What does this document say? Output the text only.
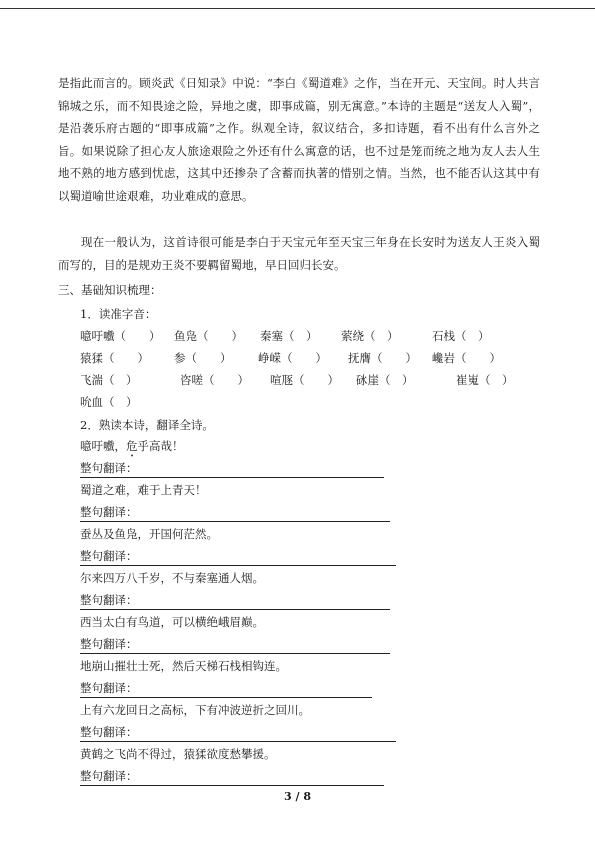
是指此而言的。顾炎武《日知录》中说：“李白《蜀道难》之作，当在开元、天宝间。时人共言锦城之乐，而不知畏途之险，异地之虞，即事成篇，别无寓意。”本诗的主题是“送友人入蜀”，是沿袭乐府古题的“即事成篇”之作。纵观全诗，叙议结合，多扣诗题，看不出有什么言外之旨。如果说除了担心友人旅途艰险之外还有什么寓意的话，也不过是笼而统之地为友人去人生地不熟的地方感到忧虑，这其中还掺杂了含蓄而执著的惜别之情。当然，也不能否认这其中有以蜀道喻世途艰难，功业难成的意思。

现在一般认为，这首诗很可能是李白于天宝元年至天宝三年身在长安时为送友人王炎入蜀而写的，目的是规劝王炎不要羁留蜀地，早日回归长安。

三、基础知识梳理：
1．读准字音：
噫吁嚱（　　） 鱼凫（　　） 秦塞（　） 萦绕（　）	石栈（　）
猿猱（　　） 参（　　） 峥嵘（　　） 抚膺（　　） 巉岩（　　）
飞湍（　）	咨嗟（　　） 喧豗（　　） 砯崖（　）	崔嵬（　）
吮血（　）
2．熟读本诗，翻译全诗。
噫吁嚱，危乎高哉！
整句翻译：
蜀道之难，难于上青天！
整句翻译：
蚕丛及鱼凫，开国何茫然。
整句翻译：
尔来四万八千岁，不与秦塞通人烟。
整句翻译：
西当太白有鸟道，可以横绝峨眉巅。
整句翻译：
地崩山摧壮士死，然后天梯石栈相钩连。
整句翻译：
上有六龙回日之高标，下有冲波逆折之回川。
整句翻译：
黄鹤之飞尚不得过，猿猱欲度愁攀援。
整句翻译：
3 / 8
